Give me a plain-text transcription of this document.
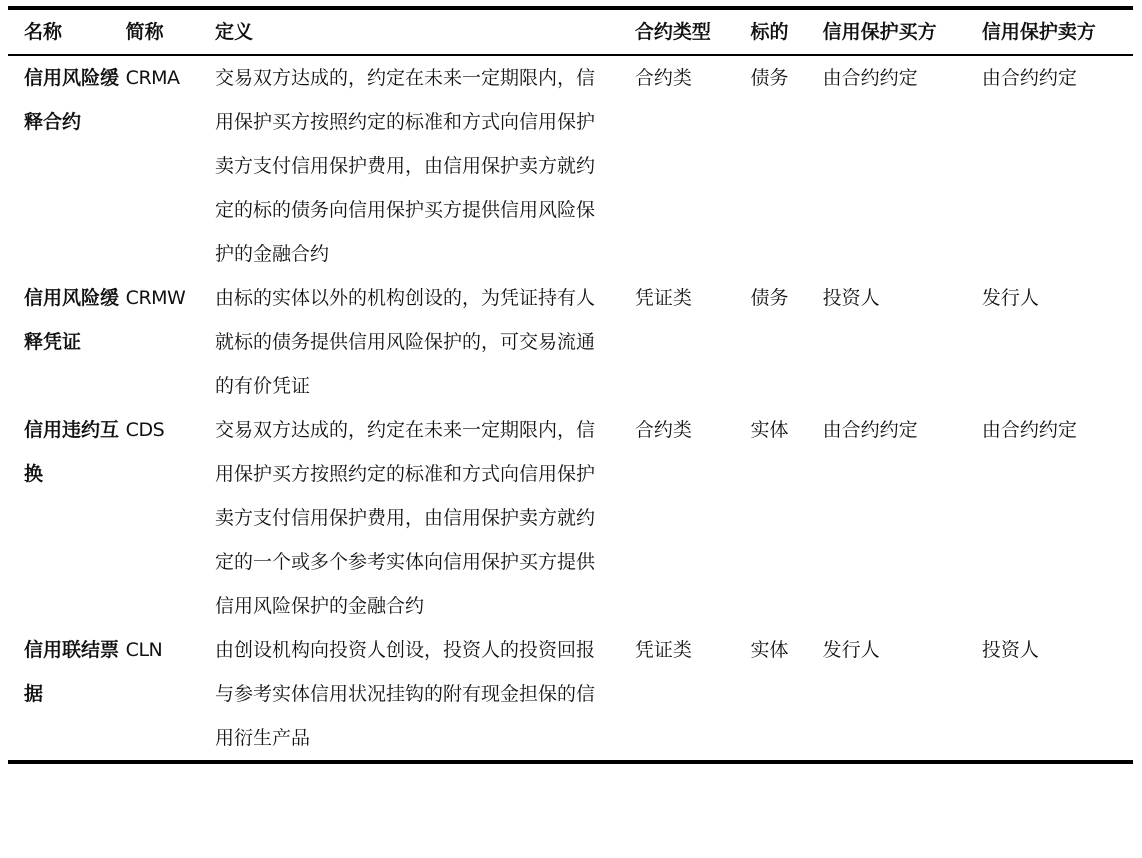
名称	简称	定义	合约类型	标的	信用保护买方	信用保护卖方
信用风险缓释合约	CRMA	交易双方达成的，约定在未来一定期限内，信用保护买方按照约定的标准和方式向信用保护卖方支付信用保护费用，由信用保护卖方就约定的标的债务向信用保护买方提供信用风险保护的金融合约	合约类	债务	由合约约定	由合约约定
信用风险缓释凭证	CRMW	由标的实体以外的机构创设的，为凭证持有人就标的债务提供信用风险保护的，可交易流通的有价凭证	凭证类	债务	投资人	发行人
信用违约互换	CDS	交易双方达成的，约定在未来一定期限内，信用保护买方按照约定的标准和方式向信用保护卖方支付信用保护费用，由信用保护卖方就约定的一个或多个参考实体向信用保护买方提供信用风险保护的金融合约	合约类	实体	由合约约定	由合约约定
信用联结票据	CLN	由创设机构向投资人创设，投资人的投资回报与参考实体信用状况挂钩的附有现金担保的信用衍生产品	凭证类	实体	发行人	投资人
